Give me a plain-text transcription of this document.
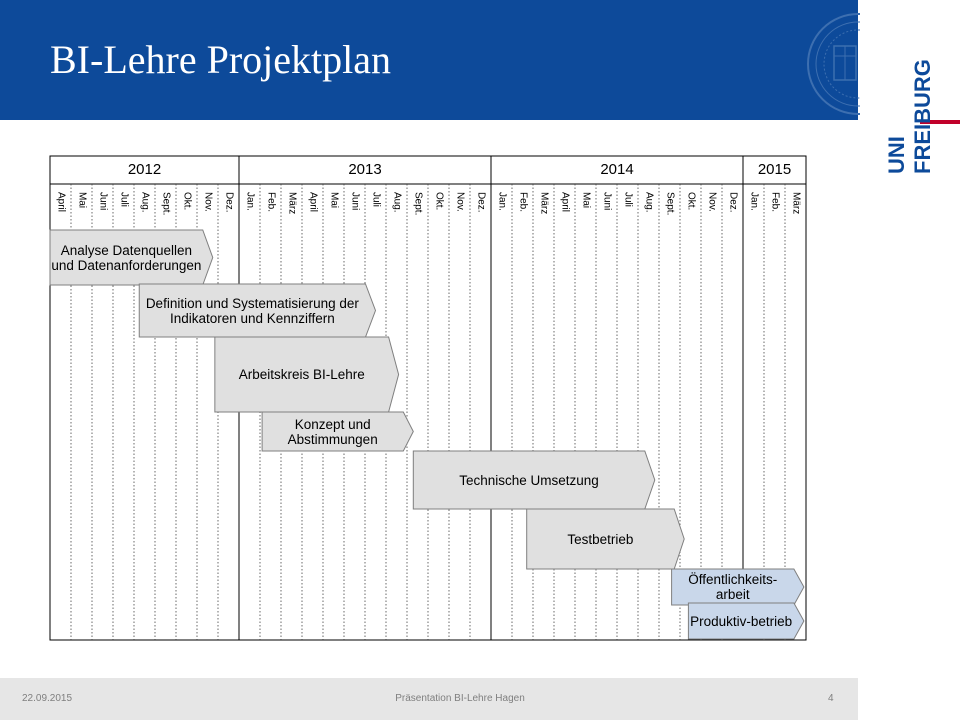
BI-Lehre Projektplan
UNI FREIBURG
2012	2013	2014	2015
April Mai Juni Juli Aug. Sept. Okt. Nov. Dez. Jan. Feb. März April Mai Juni Juli Aug. Sept. Okt. Nov. Dez. Jan. Feb. März April Mai Juni Juli Aug. Sept. Okt. Nov. Dez. Jan. Feb. März
Analyse Datenquellen und Datenanforderungen
Definition und Systematisierung der Indikatoren und Kennziffern
Arbeitskreis BI-Lehre
Konzept und Abstimmungen
Technische Umsetzung
Testbetrieb
Öffentlichkeits-arbeit
Produktiv-betrieb
22.09.2015	Präsentation BI-Lehre Hagen	4
